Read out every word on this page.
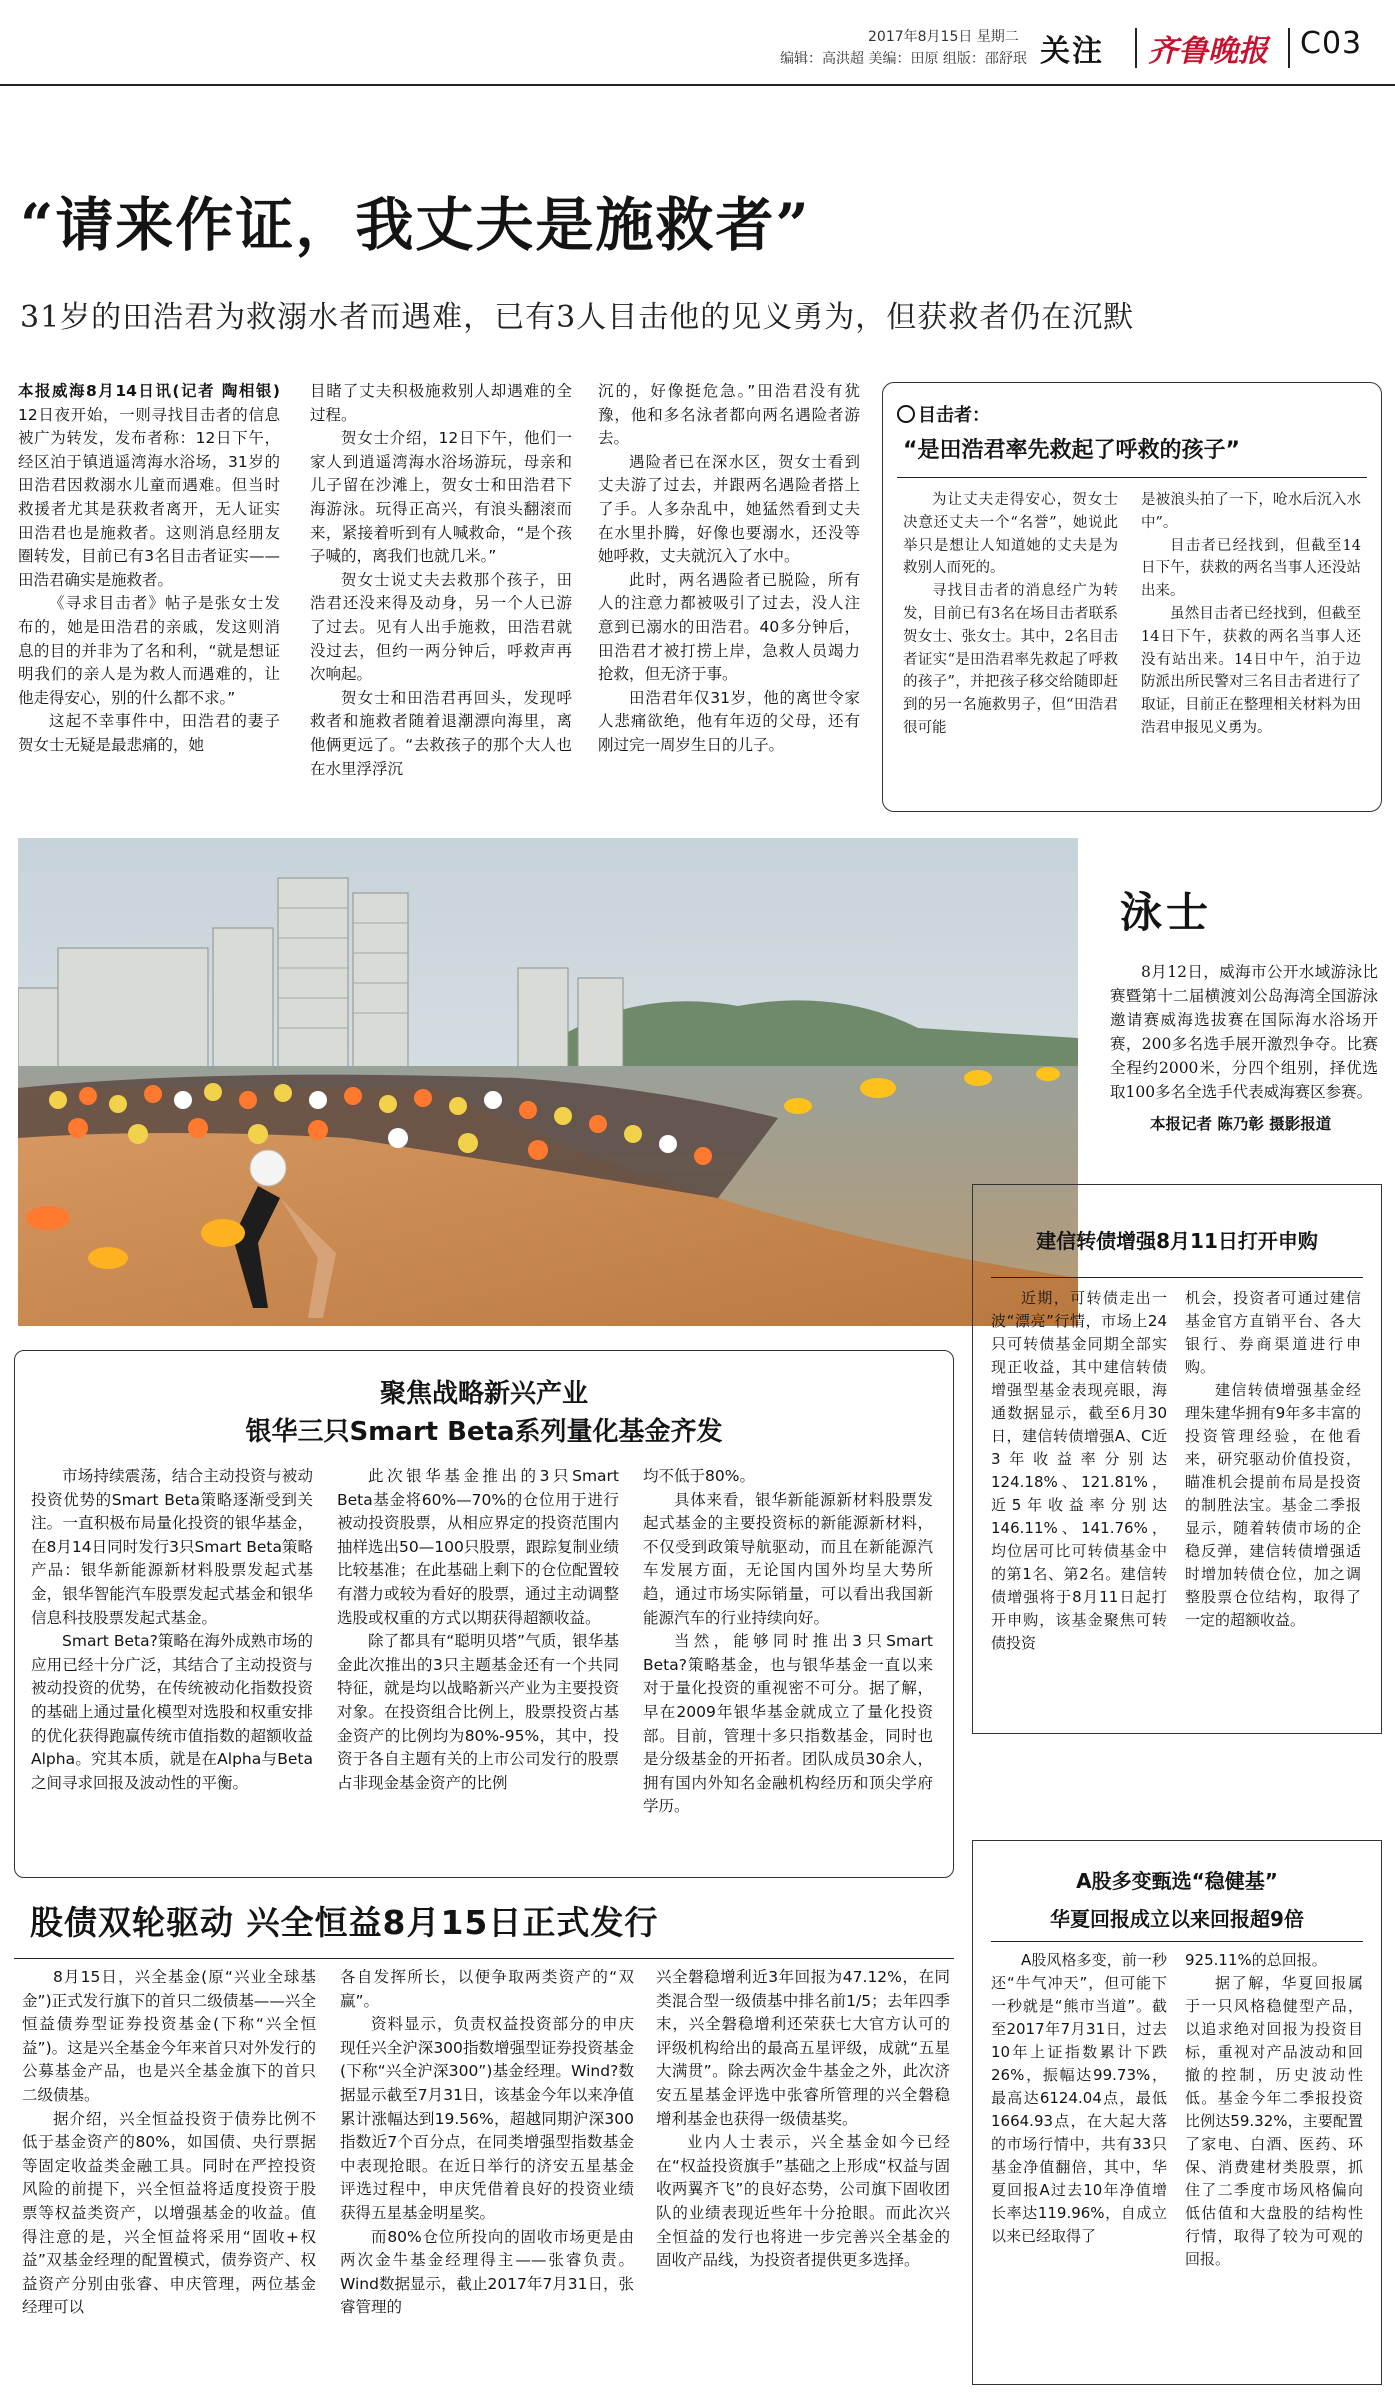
2017年8月15日 星期二
编辑：高洪超 美编：田原 组版：邵舒珉 关注 齐鲁晚报 C03
“请来作证，我丈夫是施救者”
31岁的田浩君为救溺水者而遇难，已有3人目击他的见义勇为，但获救者仍在沉默

本报威海8月14日讯(记者 陶相银)　12日夜开始，一则寻找目击者的信息被广为转发，发布者称：12日下午，经区泊于镇逍遥湾海水浴场，31岁的田浩君因救溺水儿童而遇难。但当时救援者尤其是获救者离开，无人证实田浩君也是施救者。这则消息经朋友圈转发，目前已有3名目击者证实——田浩君确实是施救者。

《寻求目击者》帖子是张女士发布的，她是田浩君的亲戚，发这则消息的目的并非为了名和利，“就是想证明我们的亲人是为救人而遇难的，让他走得安心，别的什么都不求。”

这起不幸事件中，田浩君的妻子贺女士无疑是最悲痛的，她

目睹了丈夫积极施救别人却遇难的全过程。

贺女士介绍，12日下午，他们一家人到逍遥湾海水浴场游玩，母亲和儿子留在沙滩上，贺女士和田浩君下海游泳。玩得正高兴，有浪头翻滚而来，紧接着听到有人喊救命，“是个孩子喊的，离我们也就几米。”

贺女士说丈夫去救那个孩子，田浩君还没来得及动身，另一个人已游了过去。见有人出手施救，田浩君就没过去，但约一两分钟后，呼救声再次响起。

贺女士和田浩君再回头，发现呼救者和施救者随着退潮漂向海里，离他俩更远了。“去救孩子的那个大人也在水里浮浮沉

沉的，好像挺危急。”田浩君没有犹豫，他和多名泳者都向两名遇险者游去。

遇险者已在深水区，贺女士看到丈夫游了过去，并跟两名遇险者搭上了手。人多杂乱中，她猛然看到丈夫在水里扑腾，好像也要溺水，还没等她呼救，丈夫就沉入了水中。

此时，两名遇险者已脱险，所有人的注意力都被吸引了过去，没人注意到已溺水的田浩君。40多分钟后，田浩君才被打捞上岸，急救人员竭力抢救，但无济于事。

田浩君年仅31岁，他的离世令家人悲痛欲绝，他有年迈的父母，还有刚过完一周岁生日的儿子。

目击者：
“是田浩君率先救起了呼救的孩子”

为让丈夫走得安心，贺女士决意还丈夫一个“名誉”，她说此举只是想让人知道她的丈夫是为救别人而死的。

寻找目击者的消息经广为转发，目前已有3名在场目击者联系贺女士、张女士。其中，2名目击者证实“是田浩君率先救起了呼救的孩子”，并把孩子移交给随即赶到的另一名施救男子，但“田浩君很可能

是被浪头拍了一下，呛水后沉入水中”。

目击者已经找到，但截至14日下午，获救的两名当事人还没站出来。

虽然目击者已经找到，但截至14日下午，获救的两名当事人还没有站出来。14日中午，泊于边防派出所民警对三名目击者进行了取证，目前正在整理相关材料为田浩君申报见义勇为。

泳士

8月12日，威海市公开水域游泳比赛暨第十二届横渡刘公岛海湾全国游泳邀请赛威海选拔赛在国际海水浴场开赛，200多名选手展开激烈争夺。比赛全程约2000米，分四个组别，择优选取100多名全选手代表威海赛区参赛。

本报记者 陈乃彰 摄影报道
建信转债增强8月11日打开申购

近期，可转债走出一波“漂亮”行情，市场上24只可转债基金同期全部实现正收益，其中建信转债增强型基金表现亮眼，海通数据显示，截至6月30日，建信转债增强A、C近3年收益率分别达124.18%、121.81%，近5年收益率分别达146.11%、141.76%，均位居可比可转债基金中的第1名、第2名。建信转债增强将于8月11日起打开申购，该基金聚焦可转债投资

机会，投资者可通过建信基金官方直销平台、各大银行、券商渠道进行申购。

建信转债增强基金经理朱建华拥有9年多丰富的投资管理经验，在他看来，研究驱动价值投资，瞄准机会提前布局是投资的制胜法宝。基金二季报显示，随着转债市场的企稳反弹，建信转债增强适时增加转债仓位，加之调整股票仓位结构，取得了一定的超额收益。

聚焦战略新兴产业
银华三只Smart Beta系列量化基金齐发

市场持续震荡，结合主动投资与被动投资优势的Smart Beta策略逐渐受到关注。一直积极布局量化投资的银华基金，在8月14日同时发行3只Smart Beta策略产品：银华新能源新材料股票发起式基金，银华智能汽车股票发起式基金和银华信息科技股票发起式基金。

Smart Beta?策略在海外成熟市场的应用已经十分广泛，其结合了主动投资与被动投资的优势，在传统被动化指数投资的基础上通过量化模型对选股和权重安排的优化获得跑赢传统市值指数的超额收益Alpha。究其本质，就是在Alpha与Beta之间寻求回报及波动性的平衡。

此次银华基金推出的3只Smart Beta基金将60%—70%的仓位用于进行被动投资股票，从相应界定的投资范围内抽样选出50—100只股票，跟踪复制业绩比较基准；在此基础上剩下的仓位配置较有潜力或较为看好的股票，通过主动调整选股或权重的方式以期获得超额收益。

除了都具有“聪明贝塔”气质，银华基金此次推出的3只主题基金还有一个共同特征，就是均以战略新兴产业为主要投资对象。在投资组合比例上，股票投资占基金资产的比例均为80%-95%，其中，投资于各自主题有关的上市公司发行的股票占非现金基金资产的比例

均不低于80%。

具体来看，银华新能源新材料股票发起式基金的主要投资标的新能源新材料，不仅受到政策导航驱动，而且在新能源汽车发展方面，无论国内国外均呈大势所趋，通过市场实际销量，可以看出我国新能源汽车的行业持续向好。

当然，能够同时推出3只Smart Beta?策略基金，也与银华基金一直以来对于量化投资的重视密不可分。据了解，早在2009年银华基金就成立了量化投资部。目前，管理十多只指数基金，同时也是分级基金的开拓者。团队成员30余人，拥有国内外知名金融机构经历和顶尖学府学历。

股债双轮驱动 兴全恒益8月15日正式发行

8月15日，兴全基金(原“兴业全球基金”)正式发行旗下的首只二级债基——兴全恒益债券型证券投资基金(下称“兴全恒益”)。这是兴全基金今年来首只对外发行的公募基金产品，也是兴全基金旗下的首只二级债基。

据介绍，兴全恒益投资于债券比例不低于基金资产的80%，如国债、央行票据等固定收益类金融工具。同时在严控投资风险的前提下，兴全恒益将适度投资于股票等权益类资产，以增强基金的收益。值得注意的是，兴全恒益将采用“固收+权益”双基金经理的配置模式，债券资产、权益资产分别由张睿、申庆管理，两位基金经理可以

各自发挥所长，以便争取两类资产的“双赢”。

资料显示，负责权益投资部分的申庆现任兴全沪深300指数增强型证券投资基金(下称“兴全沪深300”)基金经理。Wind?数据显示截至7月31日，该基金今年以来净值累计涨幅达到19.56%，超越同期沪深300指数近7个百分点，在同类增强型指数基金中表现抢眼。在近日举行的济安五星基金评选过程中，申庆凭借着良好的投资业绩获得五星基金明星奖。

而80%仓位所投向的固收市场更是由两次金牛基金经理得主——张睿负责。Wind数据显示，截止2017年7月31日，张睿管理的

兴全磐稳增利近3年回报为47.12%，在同类混合型一级债基中排名前1/5；去年四季末，兴全磐稳增利还荣获七大官方认可的评级机构给出的最高五星评级，成就“五星大满贯”。除去两次金牛基金之外，此次济安五星基金评选中张睿所管理的兴全磐稳增利基金也获得一级债基奖。

业内人士表示，兴全基金如今已经在“权益投资旗手”基础之上形成“权益与固收两翼齐飞”的良好态势，公司旗下固收团队的业绩表现近些年十分抢眼。而此次兴全恒益的发行也将进一步完善兴全基金的固收产品线，为投资者提供更多选择。

A股多变甄选“稳健基”
华夏回报成立以来回报超9倍

A股风格多变，前一秒还“牛气冲天”，但可能下一秒就是“熊市当道”。截至2017年7月31日，过去10年上证指数累计下跌26%，振幅达99.73%，最高达6124.04点，最低1664.93点，在大起大落的市场行情中，共有33只基金净值翻倍，其中，华夏回报A过去10年净值增长率达119.96%，自成立以来已经取得了

925.11%的总回报。

据了解，华夏回报属于一只风格稳健型产品，以追求绝对回报为投资目标，重视对产品波动和回撤的控制，历史波动性低。基金今年二季报投资比例达59.32%，主要配置了家电、白酒、医药、环保、消费建材类股票，抓住了二季度市场风格偏向低估值和大盘股的结构性行情，取得了较为可观的回报。
